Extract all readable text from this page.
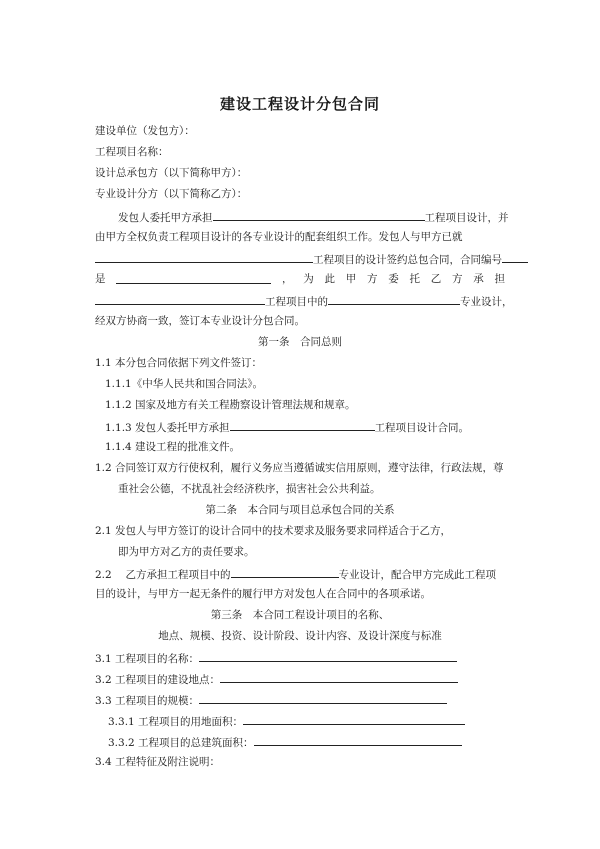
建设工程设计分包合同
建设单位（发包方）：
工程项目名称：
设计总承包方（以下简称甲方）：
专业设计分方（以下简称乙方）：
发包人委托甲方承担	工程项目设计，并
由甲方全权负责工程项目设计的各专业设计的配套组织工作。发包人与甲方已就
工程项目的设计签约总包合同，合同编号
是	， 为 此 甲 方 委 托 乙 方 承 担
工程项目中的	专业设计，
经双方协商一致，签订本专业设计分包合同。
第一条　合同总则
1.1 本分包合同依据下列文件签订：
1.1.1《中华人民共和国合同法》。
1.1.2 国家及地方有关工程勘察设计管理法规和规章。
1.1.3 发包人委托甲方承担	工程项目设计合同。
1.1.4 建设工程的批准文件。
1.2 合同签订双方行使权利，履行义务应当遵循诚实信用原则，遵守法律，行政法规，尊
重社会公德，不扰乱社会经济秩序，损害社会公共利益。
第二条　本合同与项目总承包合同的关系
2.1 发包人与甲方签订的设计合同中的技术要求及服务要求同样适合于乙方，
即为甲方对乙方的责任要求。
2.2　 乙方承担工程项目中的	专业设计，配合甲方完成此工程项
目的设计，与甲方一起无条件的履行甲方对发包人在合同中的各项承诺。
第三条　本合同工程设计项目的名称、
地点、规模、投资、设计阶段、设计内容、及设计深度与标准
3.1 工程项目的名称：
3.2 工程项目的建设地点：
3.3 工程项目的规模：
3.3.1 工程项目的用地面积：
3.3.2 工程项目的总建筑面积：
3.4 工程特征及附注说明：
